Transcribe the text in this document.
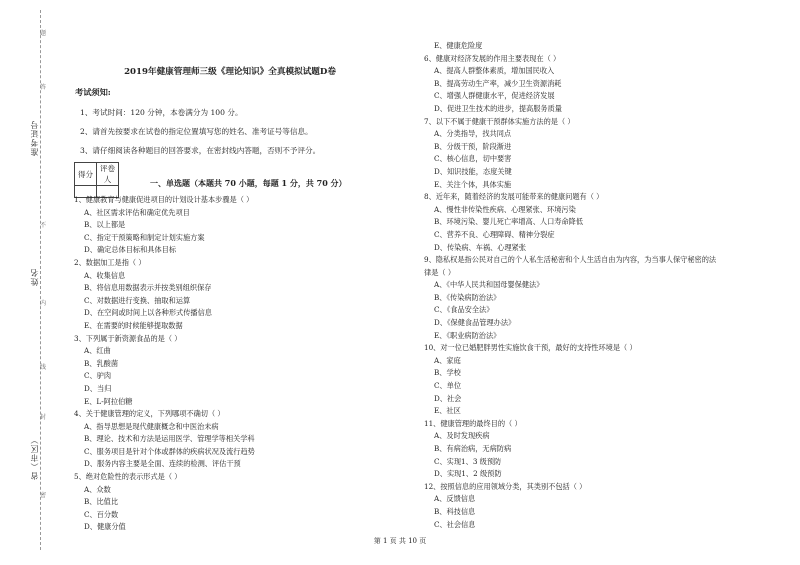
题
答
不
内
线
封
密
准考证号
姓名
省（市区）
2019年健康管理师三级《理论知识》全真模拟试题D卷
考试须知:
1、考试时间：120 分钟，本卷满分为 100 分。
2、请首先按要求在试卷的指定位置填写您的姓名、准考证号等信息。
3、请仔细阅读各种题目的回答要求，在密封线内答题，否则不予评分。
得分	评卷人
		一、单选题（本题共 70 小题，每题 1 分，共 70 分）
1、健康教育与健康促进项目的计划设计基本步骤是（ ）
A、社区需求评估和确定优先项目
B、以上都是
C、指定干预策略和制定计划实施方案
D、确定总体目标和具体目标
2、数据加工是指（ ）
A、收集信息
B、将信息用数据表示并按类别组织保存
C、对数据进行变换、抽取和运算
D、在空间或时间上以各种形式传播信息
E、在需要的时候能够提取数据
3、下列属于新资源食品的是（ ）
A、红曲
B、乳酸菌
C、驴肉
D、当归
E、L-阿拉伯糖
4、关于健康管理的定义，下列哪项不确切（ ）
A、指导思想是现代健康概念和中医治未病
B、理论、技术和方法是运用医学、管理学等相关学科
C、服务项目是针对个体或群体的疾病状况及流行趋势
D、服务内容主要是全面、连续的检测、评估干预
5、绝对危险性的表示形式是（ ）
A、众数
B、比值比
C、百分数
D、健康分值
E、健康危险度
6、健康对经济发展的作用主要表现在（ ）
A、提高人群整体素质，增加国民收入
B、提高劳动生产率，减少卫生资源消耗
C、增强人群健康水平，促进经济发展
D、促进卫生技术的进步，提高服务质量
7、以下不属于健康干预群体实施方法的是（ ）
A、分类指导，找共同点
B、分级干预，阶段渐进
C、核心信息，切中要害
D、知识技能，态度关键
E、关注个体，具体实施
8、近年来，随着经济的发展可能带来的健康问题有（ ）
A、慢性非传染性疾病、心理紧张、环境污染
B、环境污染、婴儿死亡率增高、人口寿命降低
C、营养不良、心理障碍、精神分裂症
D、传染病、车祸、心理紧张
9、隐私权是指公民对自己的个人私生活秘密和个人生活自由为内容，为当事人保守秘密的法
律是（ ）
A、《中华人民共和国母婴保健法》
B、《传染病防治法》
C、《食品安全法》
D、《保健食品管理办法》
E、《职业病防治法》
10、对一位已婚肥胖男性实施饮食干预，最好的支持性环境是（ ）
A、家庭
B、学校
C、单位
D、社会
E、社区
11、健康管理的最终目的（ ）
A、及时发现疾病
B、有病治病，无病防病
C、实现1、3 级预防
D、实现1、2 级预防
12、按照信息的应用领域分类，其类别不包括（ ）
A、反馈信息
B、科技信息
C、社会信息
第 1 页 共 10 页
